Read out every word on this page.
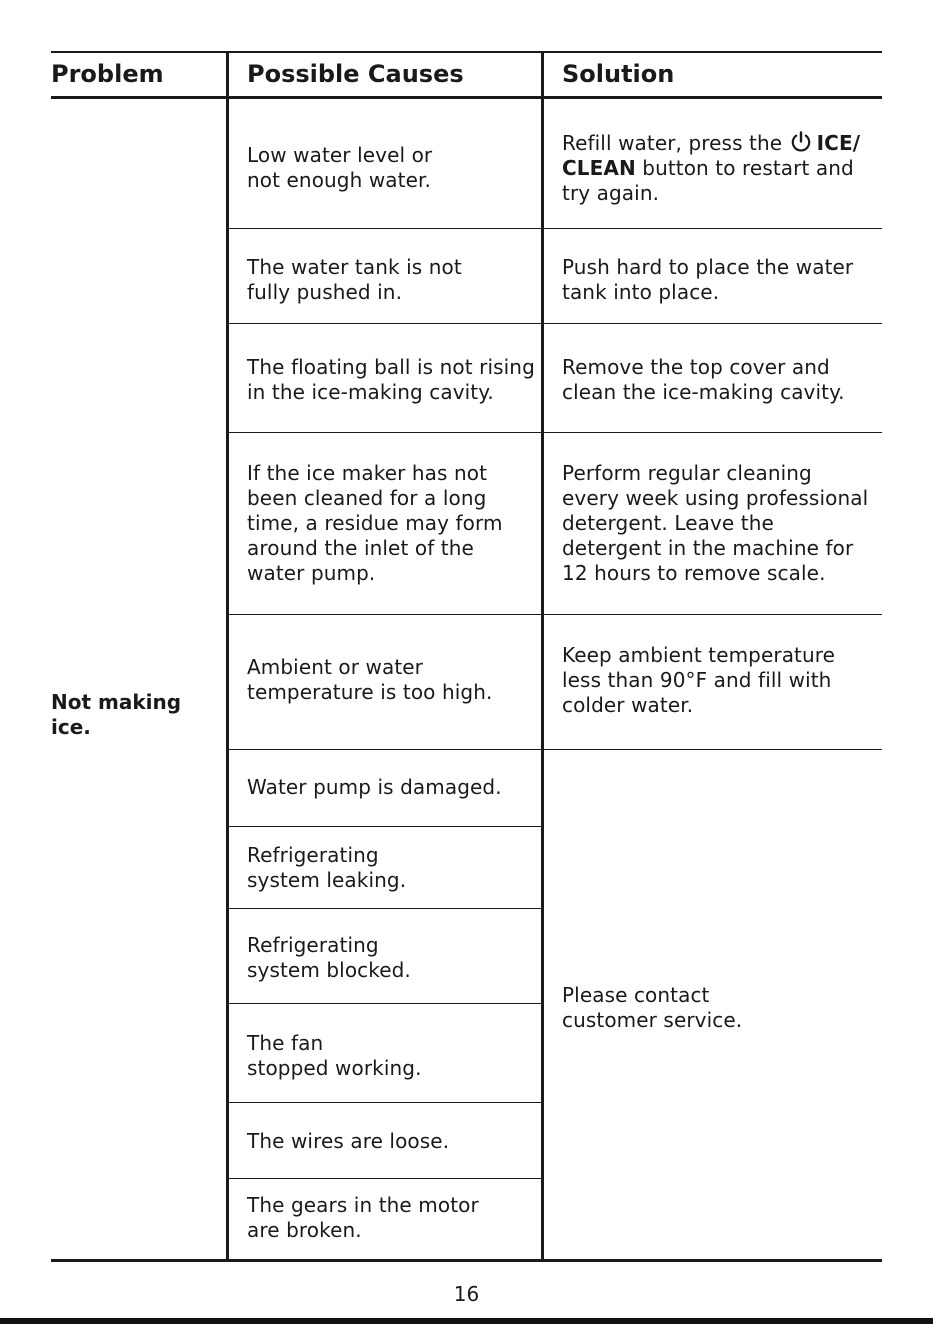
Problem	Possible Causes	Solution
Not making ice.
Low water level or
not enough water.
The water tank is not
fully pushed in.
The floating ball is not rising
in the ice-making cavity.
If the ice maker has not
been cleaned for a long
time, a residue may form
around the inlet of the
water pump.
Ambient or water
temperature is too high.
Water pump is damaged.
Refrigerating
system leaking.
Refrigerating
system blocked.
The fan
stopped working.
The wires are loose.
The gears in the motor
are broken.
Refill water, press the ICE/
CLEAN button to restart and
try again.
Push hard to place the water
tank into place.
Remove the top cover and
clean the ice-making cavity.
Perform regular cleaning
every week using professional
detergent. Leave the
detergent in the machine for
12 hours to remove scale.
Keep ambient temperature
less than 90°F and fill with
colder water.
Please contact
customer service.
16
